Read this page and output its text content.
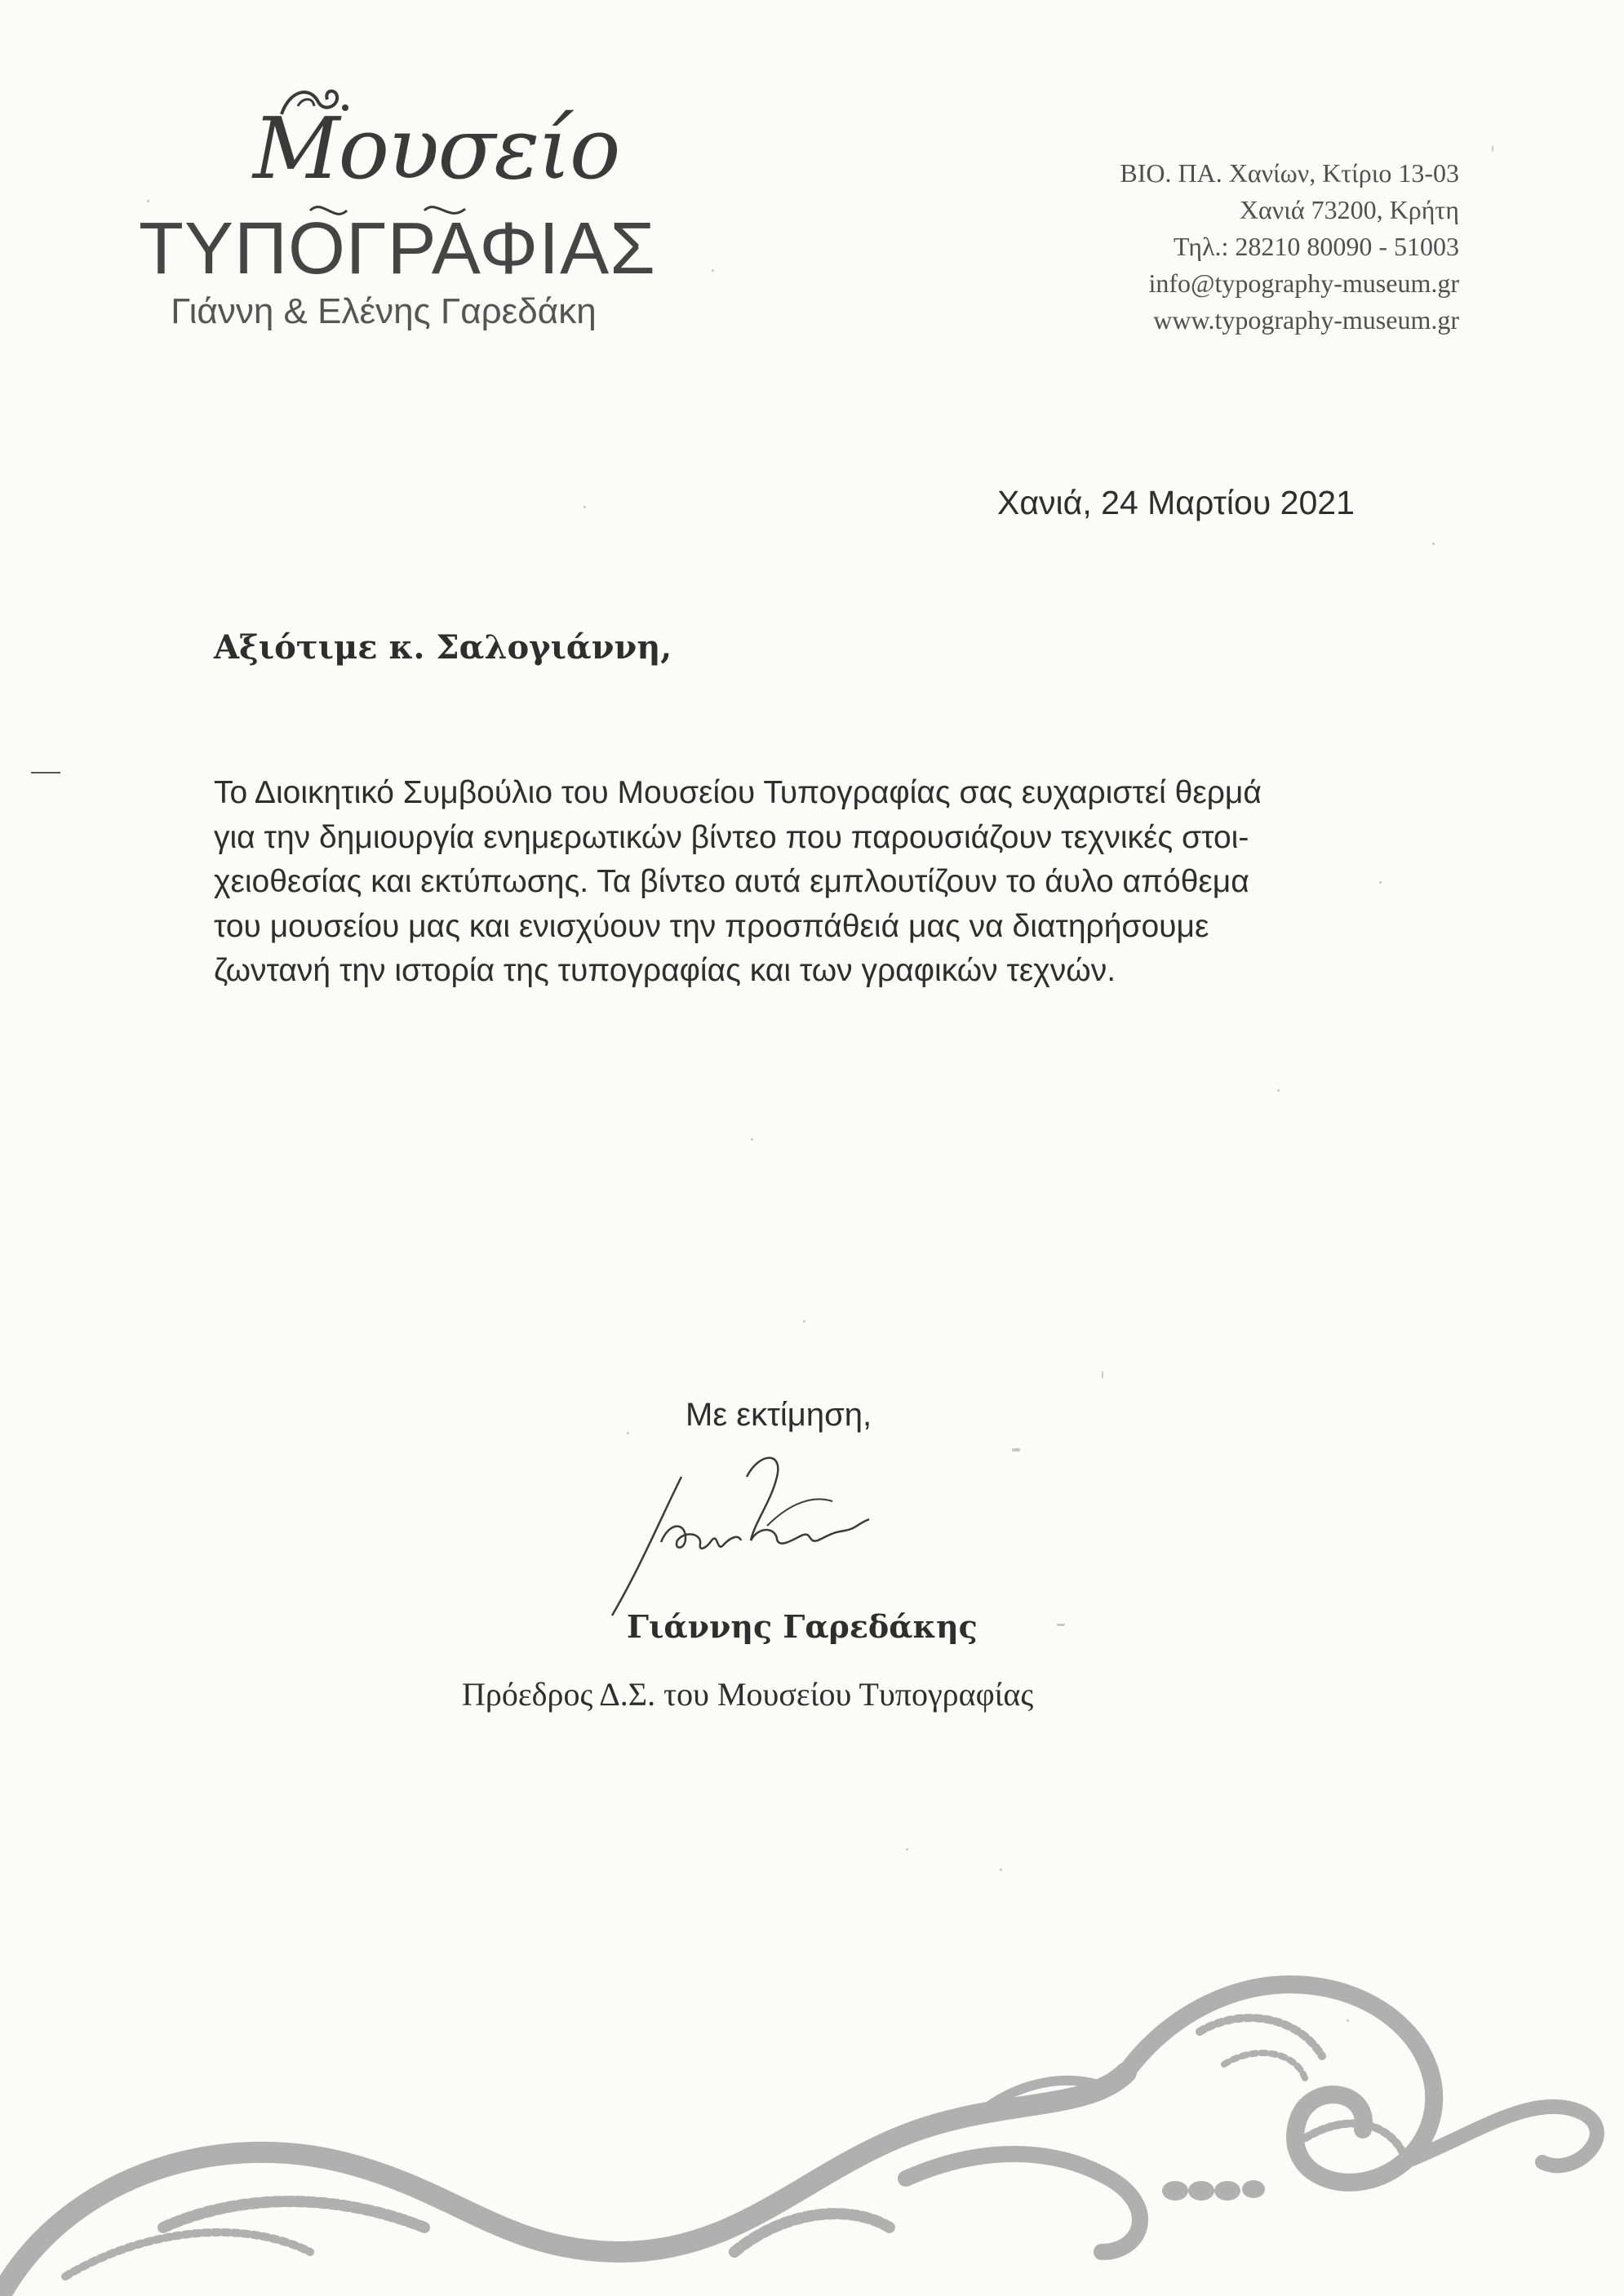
Μουσείο
ΤΥΠΟΓΡΑΦΙΑΣ
Γιάννη & Ελένης Γαρεδάκη
ΒΙΟ. ΠΑ. Χανίων, Κτίριο 13-03
Χανιά 73200, Κρήτη
Τηλ.: 28210 80090 - 51003
info@typography-museum.gr
www.typography-museum.gr
Χανιά, 24 Μαρτίου 2021
Αξιότιμε κ. Σαλογιάννη,
Το Διοικητικό Συμβούλιο του Μουσείου Τυπογραφίας σας ευχαριστεί θερμά
για την δημιουργία ενημερωτικών βίντεο που παρουσιάζουν τεχνικές στοι-
χειοθεσίας και εκτύπωσης. Τα βίντεο αυτά εμπλουτίζουν το άυλο απόθεμα
του μουσείου μας και ενισχύουν την προσπάθειά μας να διατηρήσουμε
ζωντανή την ιστορία της τυπογραφίας και των γραφικών τεχνών.
Με εκτίμηση,
Γιάννης Γαρεδάκης
Πρόεδρος Δ.Σ. του Μουσείου Τυπογραφίας
